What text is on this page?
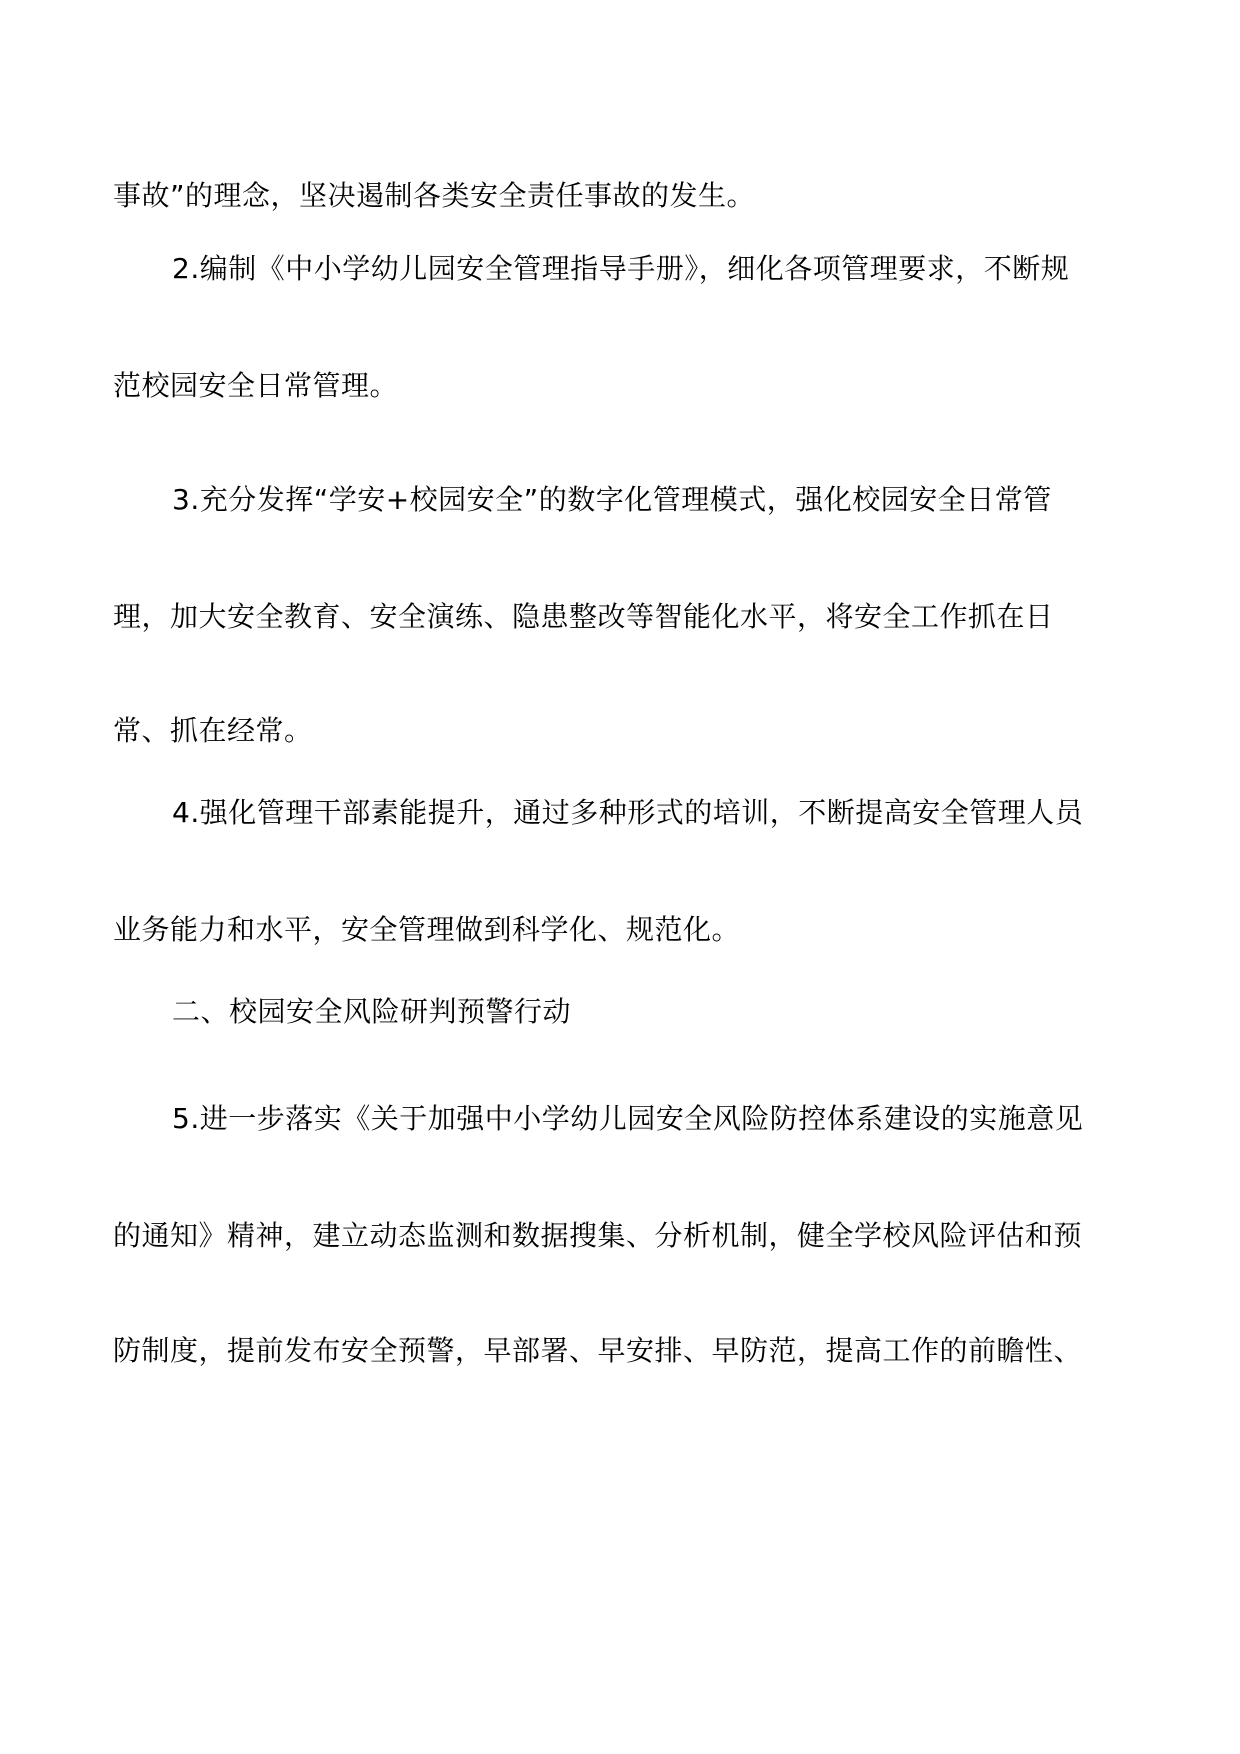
事故”的理念，坚决遏制各类安全责任事故的发生。

2.编制《中小学幼儿园安全管理指导手册》，细化各项管理要求，不断规

范校园安全日常管理。

3.充分发挥“学安+校园安全”的数字化管理模式，强化校园安全日常管

理，加大安全教育、安全演练、隐患整改等智能化水平，将安全工作抓在日

常、抓在经常。

4.强化管理干部素能提升，通过多种形式的培训，不断提高安全管理人员

业务能力和水平，安全管理做到科学化、规范化。

二、校园安全风险研判预警行动

5.进一步落实《关于加强中小学幼儿园安全风险防控体系建设的实施意见

的通知》精神，建立动态监测和数据搜集、分析机制，健全学校风险评估和预

防制度，提前发布安全预警，早部署、早安排、早防范，提高工作的前瞻性、
